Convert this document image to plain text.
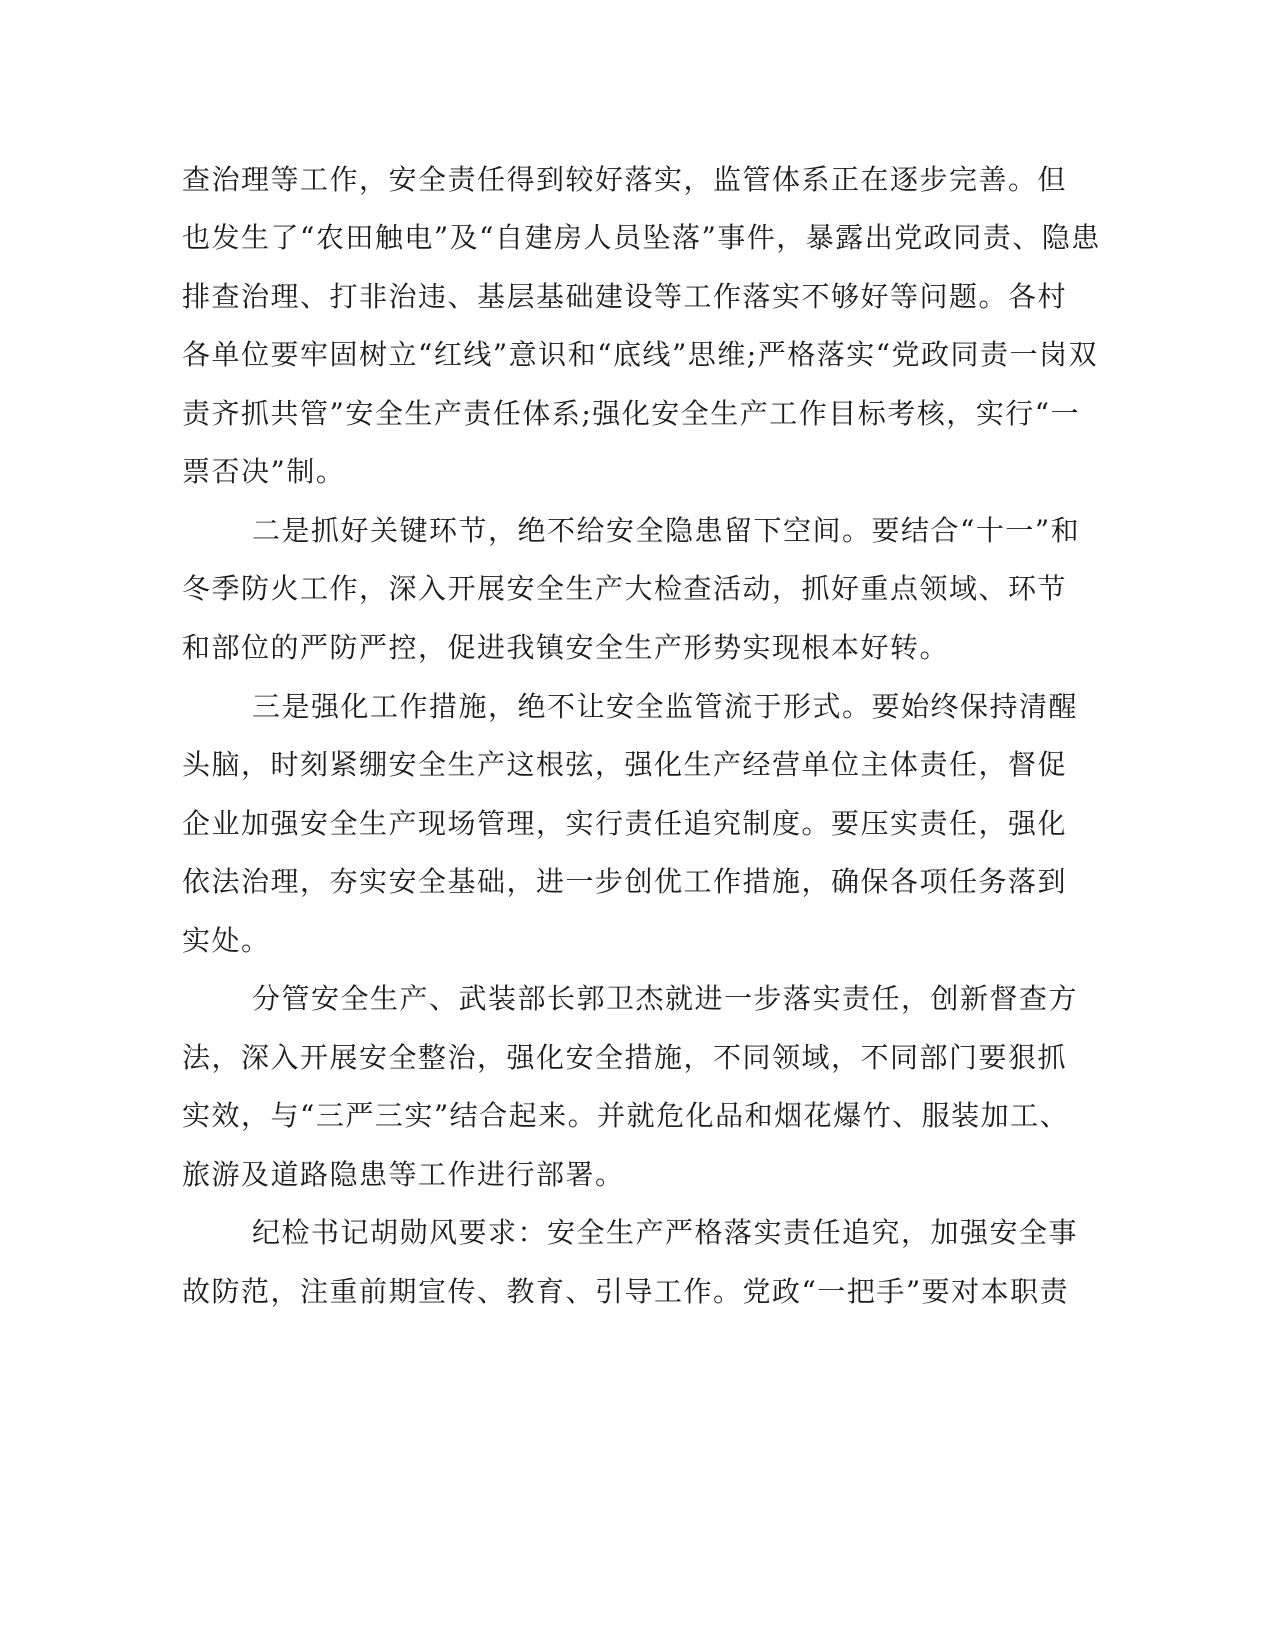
查治理等工作，安全责任得到较好落实，监管体系正在逐步完善。但
也发生了“农田触电”及“自建房人员坠落”事件，暴露出党政同责、隐患
排查治理、打非治违、基层基础建设等工作落实不够好等问题。各村
各单位要牢固树立“红线”意识和“底线”思维;严格落实“党政同责一岗双
责齐抓共管”安全生产责任体系;强化安全生产工作目标考核，实行“一
票否决”制。
二是抓好关键环节，绝不给安全隐患留下空间。要结合“十一”和
冬季防火工作，深入开展安全生产大检查活动，抓好重点领域、环节
和部位的严防严控，促进我镇安全生产形势实现根本好转。
三是强化工作措施，绝不让安全监管流于形式。要始终保持清醒
头脑，时刻紧绷安全生产这根弦，强化生产经营单位主体责任，督促
企业加强安全生产现场管理，实行责任追究制度。要压实责任，强化
依法治理，夯实安全基础，进一步创优工作措施，确保各项任务落到
实处。
分管安全生产、武装部长郭卫杰就进一步落实责任，创新督查方
法，深入开展安全整治，强化安全措施，不同领域，不同部门要狠抓
实效，与“三严三实”结合起来。并就危化品和烟花爆竹、服装加工、
旅游及道路隐患等工作进行部署。
纪检书记胡勋风要求：安全生产严格落实责任追究，加强安全事
故防范，注重前期宣传、教育、引导工作。党政“一把手”要对本职责
